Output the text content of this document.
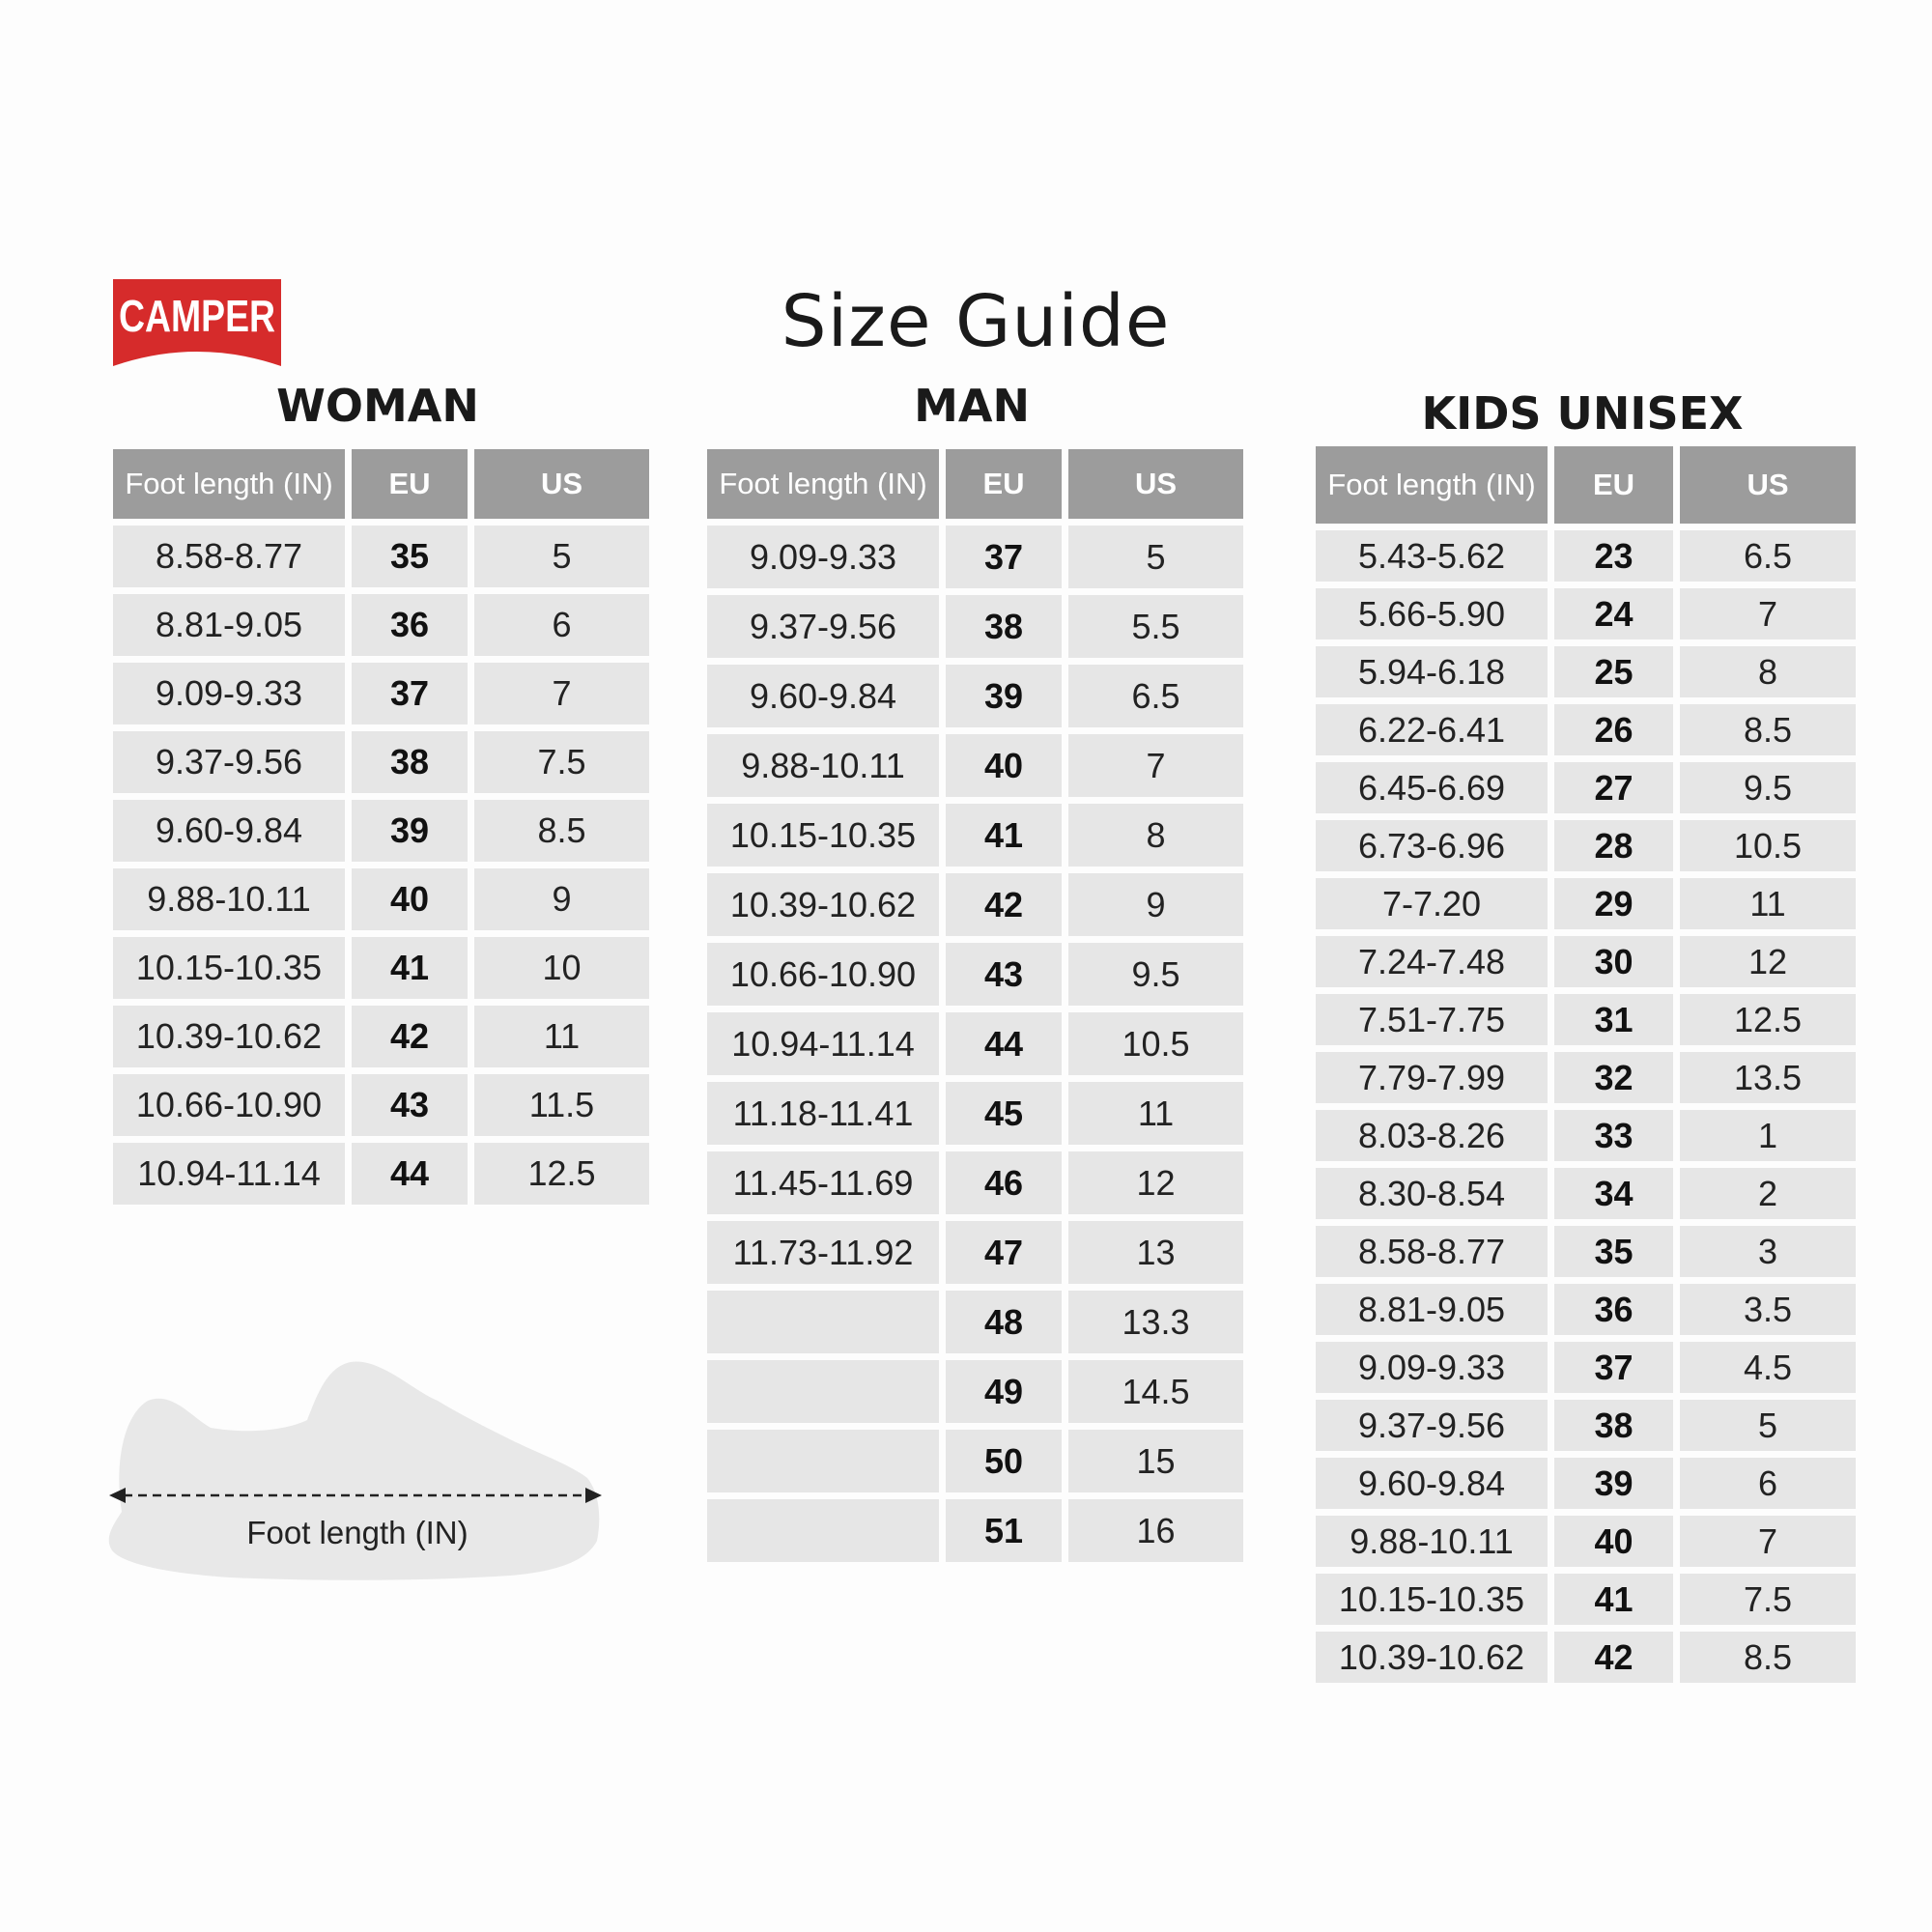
CAMPER	Size Guide
WOMAN
Foot length (IN)	EU	US
8.58-8.77	35	5
8.81-9.05	36	6
9.09-9.33	37	7
9.37-9.56	38	7.5
9.60-9.84	39	8.5
9.88-10.11	40	9
10.15-10.35	41	10
10.39-10.62	42	11
10.66-10.90	43	11.5
10.94-11.14	44	12.5
MAN
Foot length (IN)	EU	US
9.09-9.33	37	5
9.37-9.56	38	5.5
9.60-9.84	39	6.5
9.88-10.11	40	7
10.15-10.35	41	8
10.39-10.62	42	9
10.66-10.90	43	9.5
10.94-11.14	44	10.5
11.18-11.41	45	11
11.45-11.69	46	12
11.73-11.92	47	13
	48	13.3
	49	14.5
	50	15
	51	16
KIDS UNISEX
Foot length (IN)	EU	US
5.43-5.62	23	6.5
5.66-5.90	24	7
5.94-6.18	25	8
6.22-6.41	26	8.5
6.45-6.69	27	9.5
6.73-6.96	28	10.5
7-7.20	29	11
7.24-7.48	30	12
7.51-7.75	31	12.5
7.79-7.99	32	13.5
8.03-8.26	33	1
8.30-8.54	34	2
8.58-8.77	35	3
8.81-9.05	36	3.5
9.09-9.33	37	4.5
9.37-9.56	38	5
9.60-9.84	39	6
9.88-10.11	40	7
10.15-10.35	41	7.5
10.39-10.62	42	8.5
Foot length (IN)
